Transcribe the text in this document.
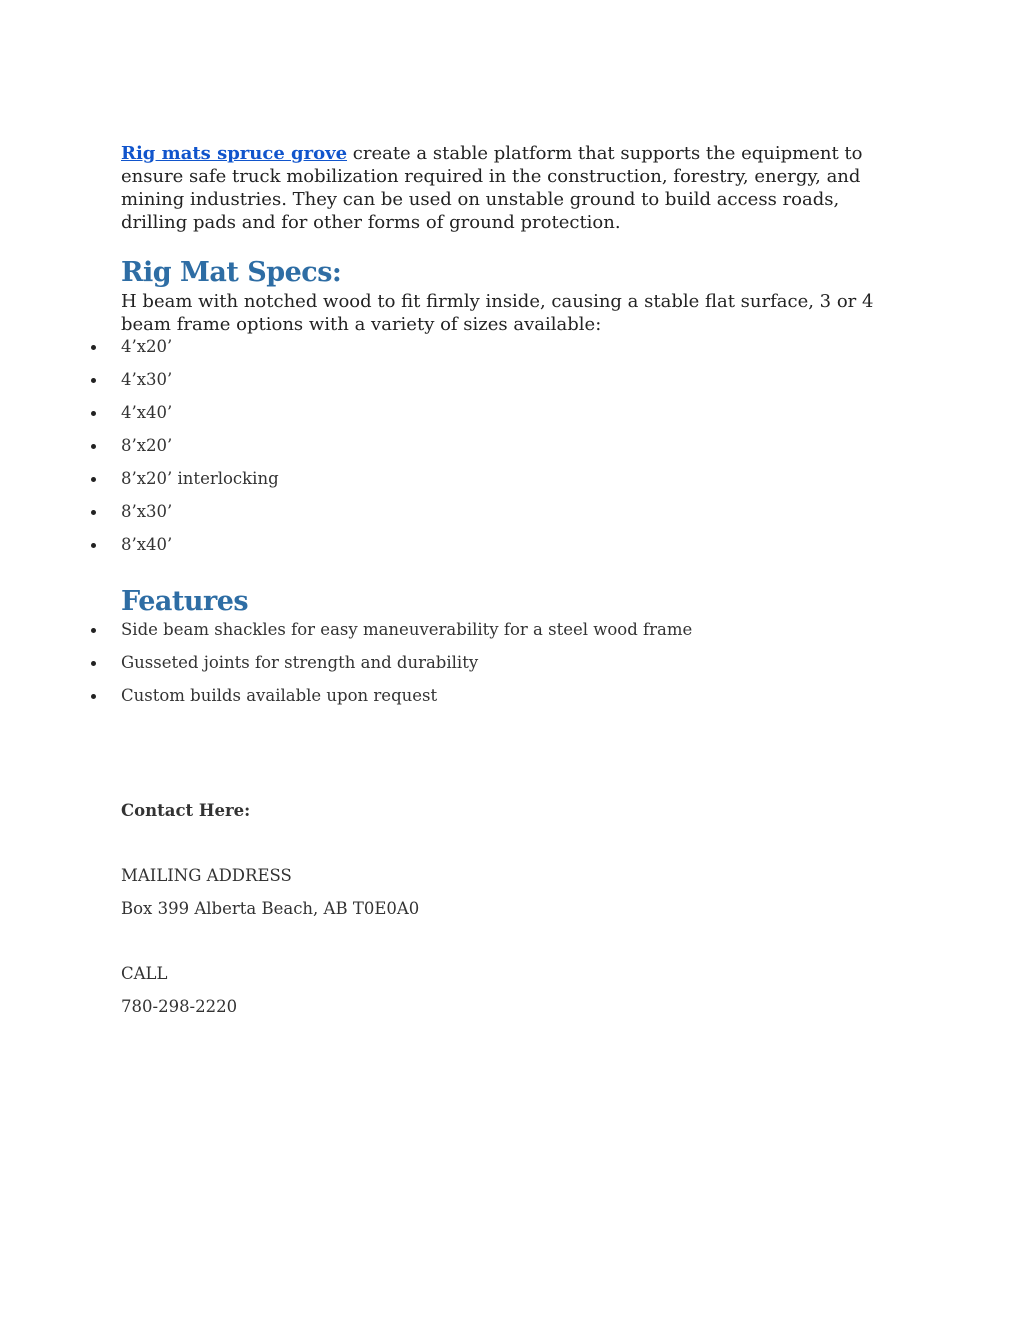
Rig mats spruce grove create a stable platform that supports the equipment to ensure safe truck mobilization required in the construction, forestry, energy, and mining industries. They can be used on unstable ground to build access roads, drilling pads and for other forms of ground protection.

Rig Mat Specs:

H beam with notched wood to fit firmly inside, causing a stable flat surface, 3 or 4 beam frame options with a variety of sizes available:

4’x20’
4’x30’
4’x40’
8’x20’
8’x20’ interlocking
8’x30’
8’x40’
Features
Side beam shackles for easy maneuverability for a steel wood frame
Gusseted joints for strength and durability
Custom builds available upon request

Contact Here:

MAILING ADDRESS

Box 399 Alberta Beach, AB T0E0A0

CALL

780-298-2220
